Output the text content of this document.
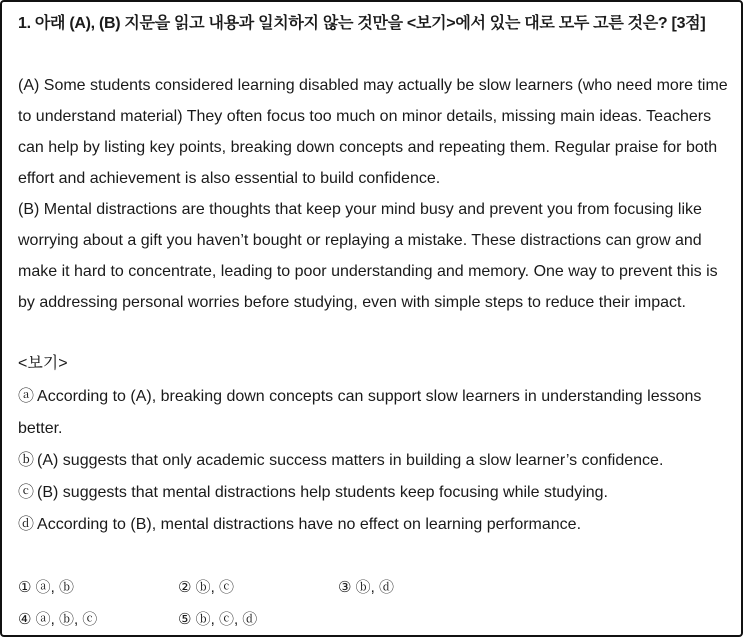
1. 아래 (A), (B) 지문을 읽고 내용과 일치하지 않는 것만을 <보기>에서 있는 대로 모두 고른 것은? [3점]

(A) Some students considered learning disabled may actually be slow learners (who need more time to understand material) They often focus too much on minor details, missing main ideas. Teachers can help by listing key points, breaking down concepts and repeating them. Regular praise for both effort and achievement is also essential to build confidence.

(B) Mental distractions are thoughts that keep your mind busy and prevent you from focusing like worrying about a gift you haven’t bought or replaying a mistake. These distractions can grow and make it hard to concentrate, leading to poor understanding and memory. One way to prevent this is by addressing personal worries before studying, even with simple steps to reduce their impact.

<보기>

ⓐ According to (A), breaking down concepts can support slow learners in understanding lessons better.

ⓑ (A) suggests that only academic success matters in building a slow learner’s confidence.

ⓒ (B) suggests that mental distractions help students keep focusing while studying.

ⓓ According to (B), mental distractions have no effect on learning performance.

① ⓐ, ⓑ	② ⓑ, ⓒ	③ ⓑ, ⓓ
④ ⓐ, ⓑ, ⓒ	⑤ ⓑ, ⓒ, ⓓ
